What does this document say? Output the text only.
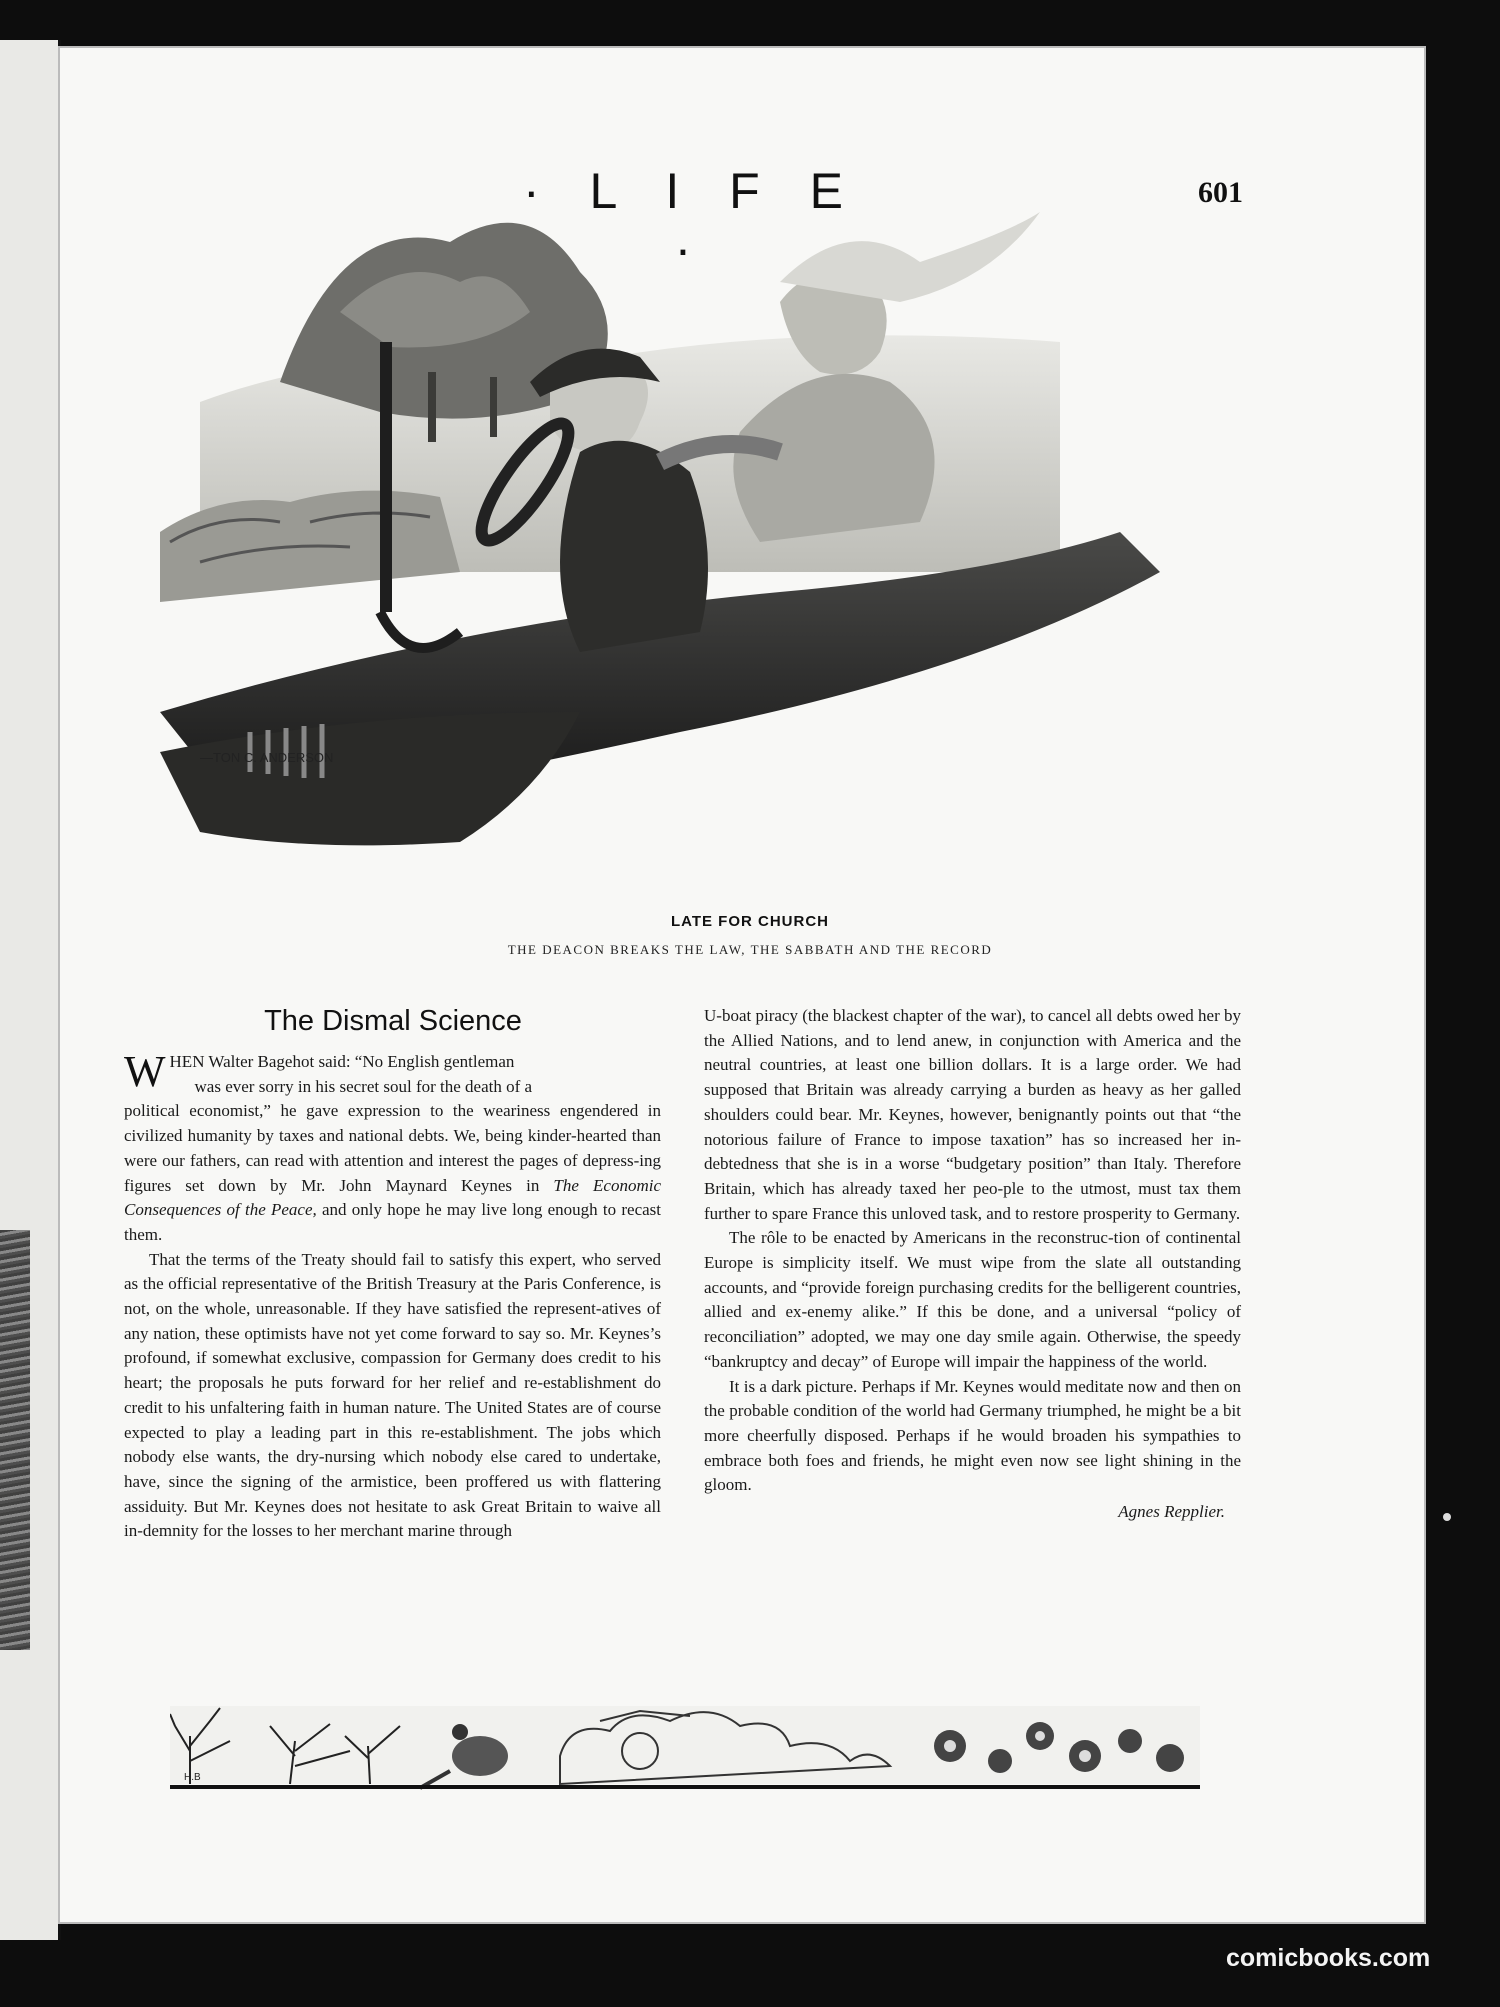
· L I F E ·
601
—TON C. ANDERSON
LATE FOR CHURCH
THE DEACON BREAKS THE LAW, THE SABBATH AND THE RECORD
The Dismal Science

WHEN Walter Bagehot said: “No English gentleman
was ever sorry in his secret soul for the death of a
political economist,” he gave expression to the weariness engendered in civilized humanity by taxes and national debts. We, being kinder-hearted than were our fathers, can read with attention and interest the pages of depress-ing figures set down by Mr. John Maynard Keynes in The Economic Consequences of the Peace, and only hope he may live long enough to recast them.

That the terms of the Treaty should fail to satisfy this expert, who served as the official representative of the British Treasury at the Paris Conference, is not, on the whole, unreasonable. If they have satisfied the represent-atives of any nation, these optimists have not yet come forward to say so. Mr. Keynes’s profound, if somewhat exclusive, compassion for Germany does credit to his heart; the proposals he puts forward for her relief and re-establishment do credit to his unfaltering faith in human nature. The United States are of course expected to play a leading part in this re-establishment. The jobs which nobody else wants, the dry-nursing which nobody else cared to undertake, have, since the signing of the armistice, been proffered us with flattering assiduity. But Mr. Keynes does not hesitate to ask Great Britain to waive all in-demnity for the losses to her merchant marine through

U-boat piracy (the blackest chapter of the war), to cancel all debts owed her by the Allied Nations, and to lend anew, in conjunction with America and the neutral countries, at least one billion dollars. It is a large order. We had supposed that Britain was already carrying a burden as heavy as her galled shoulders could bear. Mr. Keynes, however, benignantly points out that “the notorious failure of France to impose taxation” has so increased her in-debtedness that she is in a worse “budgetary position” than Italy. Therefore Britain, which has already taxed her peo-ple to the utmost, must tax them further to spare France this unloved task, and to restore prosperity to Germany.

The rôle to be enacted by Americans in the reconstruc-tion of continental Europe is simplicity itself. We must wipe from the slate all outstanding accounts, and “provide foreign purchasing credits for the belligerent countries, allied and ex-enemy alike.” If this be done, and a universal “policy of reconciliation” adopted, we may one day smile again. Otherwise, the speedy “bankruptcy and decay” of Europe will impair the happiness of the world.

It is a dark picture. Perhaps if Mr. Keynes would meditate now and then on the probable condition of the world had Germany triumphed, he might be a bit more cheerfully disposed. Perhaps if he would broaden his sympathies to embrace both foes and friends, he might even now see light shining in the gloom.

Agnes Repplier.
H.B
comicbooks.com
